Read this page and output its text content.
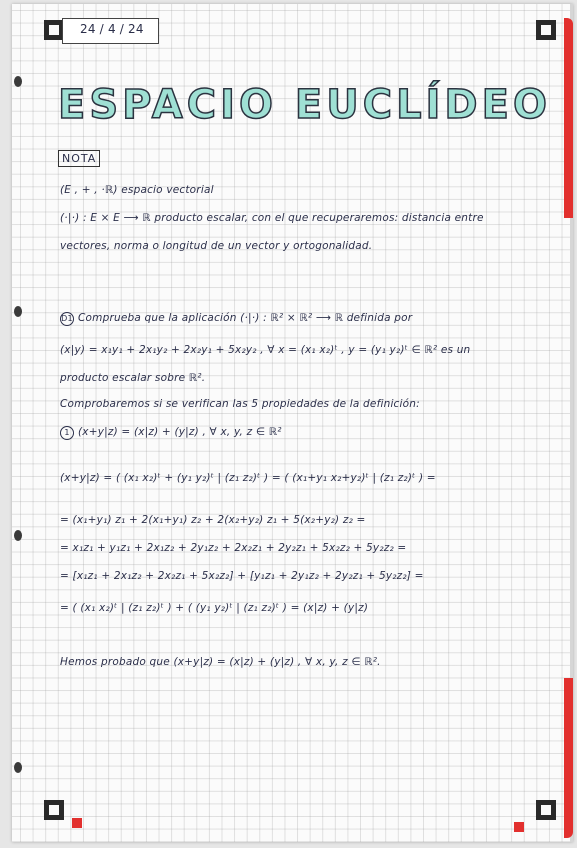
24 / 4 / 24
ESPACIO EUCLÍDEO
NOTA
(E , + , ·ℝ) espacio vectorial
(·|·) : E × E ⟶ ℝ producto escalar, con el que recuperaremos: distancia entre
vectores, norma o longitud de un vector y ortogonalidad.
D1 Comprueba que la aplicación (·|·) : ℝ² × ℝ² ⟶ ℝ definida por
(x|y) = x₁y₁ + 2x₁y₂ + 2x₂y₁ + 5x₂y₂ , ∀ x = (x₁ x₂)ᵗ , y = (y₁ y₂)ᵗ ∈ ℝ² es un
producto escalar sobre ℝ².
Comprobaremos si se verifican las 5 propiedades de la definición:
1 (x+y|z) = (x|z) + (y|z) , ∀ x, y, z ∈ ℝ²
(x+y|z) = ( (x₁ x₂)ᵗ + (y₁ y₂)ᵗ | (z₁ z₂)ᵗ ) = ( (x₁+y₁ x₂+y₂)ᵗ | (z₁ z₂)ᵗ ) =
= (x₁+y₁) z₁ + 2(x₁+y₁) z₂ + 2(x₂+y₂) z₁ + 5(x₂+y₂) z₂ =
= x₁z₁ + y₁z₁ + 2x₁z₂ + 2y₁z₂ + 2x₂z₁ + 2y₂z₁ + 5x₂z₂ + 5y₂z₂ =
= [x₁z₁ + 2x₁z₂ + 2x₂z₁ + 5x₂z₂] + [y₁z₁ + 2y₁z₂ + 2y₂z₁ + 5y₂z₂] =
= ( (x₁ x₂)ᵗ | (z₁ z₂)ᵗ ) + ( (y₁ y₂)ᵗ | (z₁ z₂)ᵗ ) = (x|z) + (y|z)
Hemos probado que (x+y|z) = (x|z) + (y|z) , ∀ x, y, z ∈ ℝ².
